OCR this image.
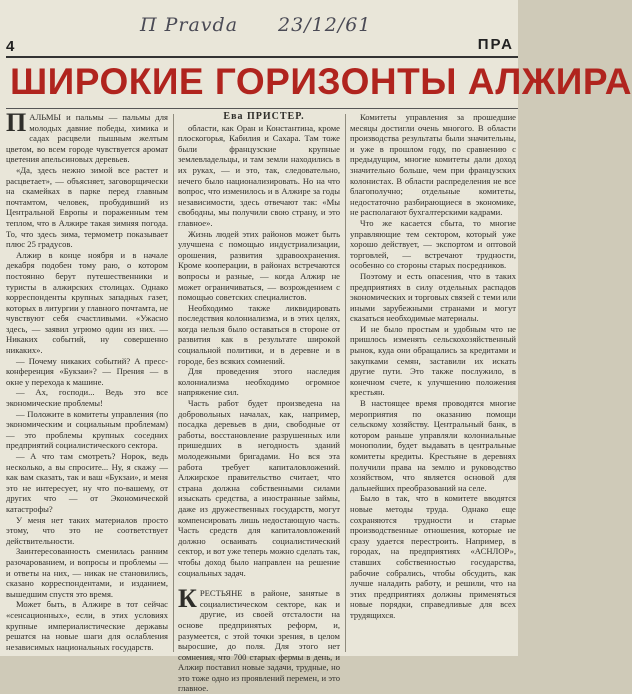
П Pravda 23/12/61
4	ПРА
ШИРОКИЕ ГОРИЗОНТЫ АЛЖИРА

ПАЛЬМЫ и пальмы — пальмы для молодых давние победы, химика и садах расцвели пышным желтым цветом, во всем городе чувствуется аромат цветения апельсиновых деревьев.

«Да, здесь нежно зимой все растет и расцветает», — объясняет, заговорщически на скамейках в парке перед главным почтамтом, человек, пробудивший из Центральной Европы и пораженным тем теплом, что в Алжире такая зимняя погода. То, что здесь зима, термометр показывает плюс 25 градусов.

Алжир в конце ноября и в начале декабря подобен тому раю, о котором постоянно берут путешественники и туристы в алжирских столицах. Однако корреспонденты крупных западных газет, которых в литургии у главного почтамта, не чувствуют себя счастливыми. «Ужасно здесь, — заявил угрюмо один из них. — Никаких событий, ну совершенно никаких».

— Почему никаких событий? А пресс-конференция «Букзаи»? — Прения — в окне у перехода к машине.

— Ах, господи... Ведь это все экономические проблемы!

— Положите в комитеты управления (по экономическим и социальным проблемам) — это проблемы крупных соседних предприятий социалистического сектора.

— А что там смотреть? Норок, ведь несколько, а вы спросите... Ну, я скажу — как вам сказать, так и ваш «Букзаи», и меня это не интересует, ну что по-вашему, от других что — от Экономической катастрофы?

У меня нет таких материалов просто этому, что это не соответствует действительности.

Заинтересованность сменилась ранним разочарованием, и вопросы и проблемы — и ответы на них, — никак не становились, сказано корреспондентами, и изданием, вышедшим спустя это время.

Может быть, в Алжире в тот сейчас «сенсационных», если, в этих условиях крупные империалистические державы решатся на новые шаги для ослабления независимых национальных государств.

Ева ПРИСТЕР.

области, как Оран и Константина, кроме плоскогорья, Кабилия и Сахара. Там тоже были французские крупные землевладельцы, и там земли находились в их руках, — и это, так, следовательно, нечего было национализировать. Но на что вопрос, что изменилось и в Алжире за годы независимости, здесь отвечают так: «Мы свободны, мы получили свою страну, и это главное».

Жизнь людей этих районов может быть улучшена с помощью индустриализации, орошения, развития здравоохранения. Кроме кооперации, в районах встречаются вопросы и разные, — когда Алжир не может ограничиваться, — возрождением с помощью советских специалистов.

Необходимо также ликвидировать последствия колониализма, и в этих целях, когда нельзя было оставаться в стороне от развития как в результате широкой социальной политики, и в деревне и в городе, без всяких сомнений.

Для проведения этого наследия колониализма необходимо огромное напряжение сил.

Часть работ будет произведена на добровольных началах, как, например, посадка деревьев в дни, свободные от работы, восстановление разрушенных или пришедших в негодность зданий молодежными бригадами. Но вся эта работа требует капиталовложений. Алжирское правительство считает, что страна должна собственными силами изыскать средства, а иностранные займы, даже из дружественных государств, могут компенсировать лишь недостающую часть. Часть средств для капиталовложений должно осваивать социалистический сектор, и вот уже теперь можно сделать так, чтобы доход было направлен на решение социальных задач.

КРЕСТЬЯНЕ в районе, занятые в социалистическом секторе, как и другие, из своей отсталости на основе предпринятых реформ, и, разумеется, с этой точки зрения, в целом выросшие, до поля. Для этого нет сомнения, что 700 старых фермы в день, и Алжир поставил новые задачи, трудные, но это тоже одно из проявлений перемен, и это главное.

Комитеты управления за прошедшие месяцы достигли очень многого. В области производства результаты были значительны, и уже в прошлом году, по сравнению с предыдущим, многие комитеты дали доход значительно больше, чем при французских колонистах. В области распределения не все благополучно; отдельные комитеты, недостаточно разбирающиеся в экономике, не располагают бухгалтерскими кадрами.

Что же касается сбыта, то многие управляющие тем сектором, который уже хорошо действует, — экспортом и оптовой торговлей, — встречают трудности, особенно со стороны старых посредников.

Поэтому и есть опасения, что в таких предприятиях в силу отдельных распадов экономических и торговых связей с теми или иными зарубежными странами и могут сказаться необходимые материалы.

И не было простым и удобным что не пришлось изменять сельскохозяйственный рынок, куда они обращались за кредитами и закупками семян, заставили их искать другие пути. Это также послужило, в конечном счете, к улучшению положения крестьян.

В настоящее время проводятся многие мероприятия по оказанию помощи сельскому хозяйству. Центральный банк, в котором раньше управляли колониальные монополии, будет выдавать в центральные комитеты кредиты. Крестьяне в деревнях получили права на землю и руководство хозяйством, что является основой для дальнейших преобразований на селе.

Было в так, что в комитете вводятся новые методы труда. Однако еще сохраняются трудности и старые производственные отношения, которые не сразу удается перестроить. Например, в городах, на предприятиях «АСНЛОР», ставших собственностью государства, рабочие собрались, чтобы обсудить, как лучше наладить работу, и решили, что на этих предприятиях должны применяться новые порядки, справедливые для всех трудящихся.
